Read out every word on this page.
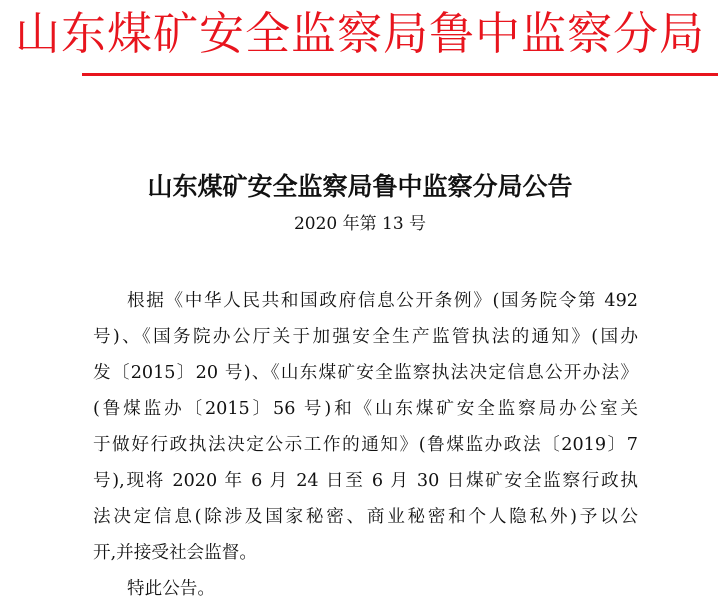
山东煤矿安全监察局鲁中监察分局
山东煤矿安全监察局鲁中监察分局公告
2020 年第 13 号
根据《中华人民共和国政府信息公开条例》(国务院令第 492
号)、《国务院办公厅关于加强安全生产监管执法的通知》(国办
发〔2015〕20 号)、《山东煤矿安全监察执法决定信息公开办法》
(鲁煤监办〔2015〕56 号)和《山东煤矿安全监察局办公室关
于做好行政执法决定公示工作的通知》(鲁煤监办政法〔2019〕7
号),现将 2020 年 6 月 24 日至 6 月 30 日煤矿安全监察行政执
法决定信息(除涉及国家秘密、商业秘密和个人隐私外)予以公
开,并接受社会监督。
特此公告。
